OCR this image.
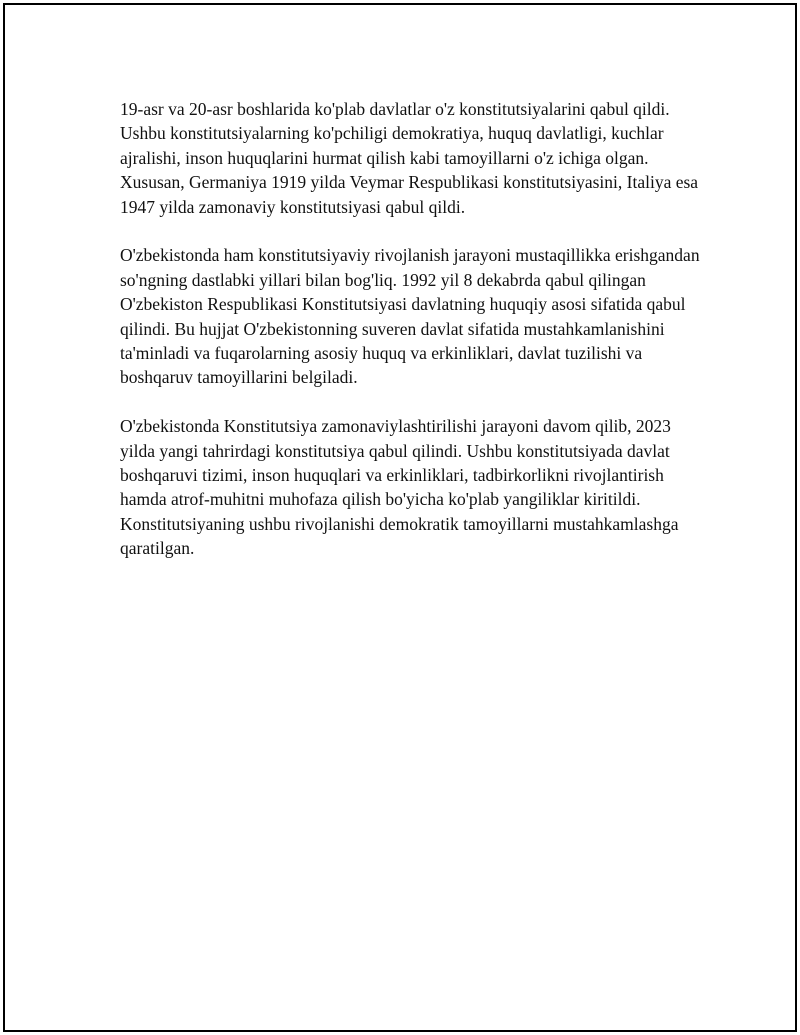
19-asr va 20-asr boshlarida ko'plab davlatlar o'z konstitutsiyalarini qabul qildi. Ushbu konstitutsiyalarning ko'pchiligi demokratiya, huquq davlatligi, kuchlar ajralishi, inson huquqlarini hurmat qilish kabi tamoyillarni o'z ichiga olgan. Xususan, Germaniya 1919 yilda Veymar Respublikasi konstitutsiyasini, Italiya esa 1947 yilda zamonaviy konstitutsiyasi qabul qildi.

O'zbekistonda ham konstitutsiyaviy rivojlanish jarayoni mustaqillikka erishgandan so'ngning dastlabki yillari bilan bog'liq. 1992 yil 8 dekabrda qabul qilingan O'zbekiston Respublikasi Konstitutsiyasi davlatning huquqiy asosi sifatida qabul qilindi. Bu hujjat O'zbekistonning suveren davlat sifatida mustahkamlanishini ta'minladi va fuqarolarning asosiy huquq va erkinliklari, davlat tuzilishi va boshqaruv tamoyillarini belgiladi.

O'zbekistonda Konstitutsiya zamonaviylashtirilishi jarayoni davom qilib, 2023 yilda yangi tahrirdagi konstitutsiya qabul qilindi. Ushbu konstitutsiyada davlat boshqaruvi tizimi, inson huquqlari va erkinliklari, tadbirkorlikni rivojlantirish hamda atrof-muhitni muhofaza qilish bo'yicha ko'plab yangiliklar kiritildi. Konstitutsiyaning ushbu rivojlanishi demokratik tamoyillarni mustahkamlashga qaratilgan.
